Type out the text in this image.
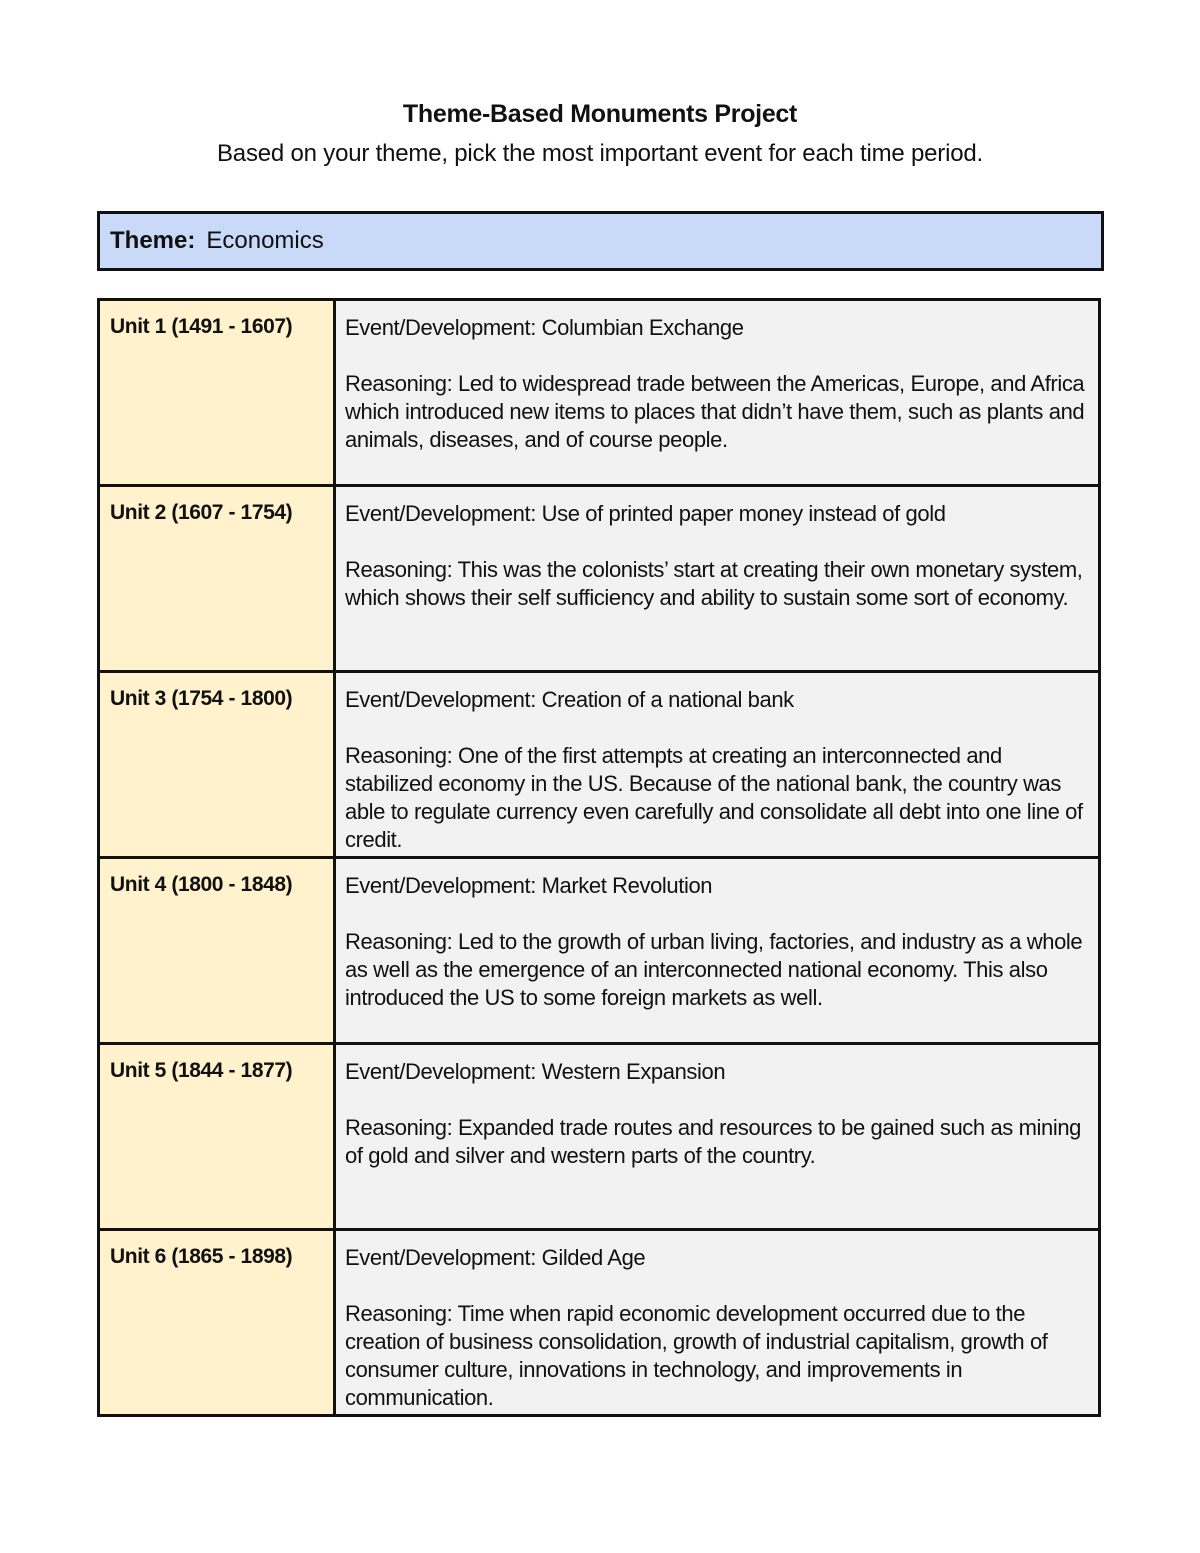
Theme-Based Monuments Project
Based on your theme, pick the most important event for each time period.
Theme: Economics
Unit 1 (1491 - 1607)	Event/Development: Columbian Exchange

Reasoning: Led to widespread trade between the Americas, Europe, and Africa which introduced new items to places that didn’t have them, such as plants and animals, diseases, and of course people.

Unit 2 (1607 - 1754)	Event/Development: Use of printed paper money instead of gold

Reasoning: This was the colonists’ start at creating their own monetary system, which shows their self sufficiency and ability to sustain some sort of economy.

Unit 3 (1754 - 1800)	Event/Development: Creation of a national bank

Reasoning: One of the first attempts at creating an interconnected and stabilized economy in the US. Because of the national bank, the country was able to regulate currency even carefully and consolidate all debt into one line of credit.

Unit 4 (1800 - 1848)	Event/Development: Market Revolution

Reasoning: Led to the growth of urban living, factories, and industry as a whole as well as the emergence of an interconnected national economy. This also introduced the US to some foreign markets as well.

Unit 5 (1844 - 1877)	Event/Development: Western Expansion

Reasoning: Expanded trade routes and resources to be gained such as mining of gold and silver and western parts of the country.

Unit 6 (1865 - 1898)	Event/Development: Gilded Age

Reasoning: Time when rapid economic development occurred due to the creation of business consolidation, growth of industrial capitalism, growth of consumer culture, innovations in technology, and improvements in communication.
